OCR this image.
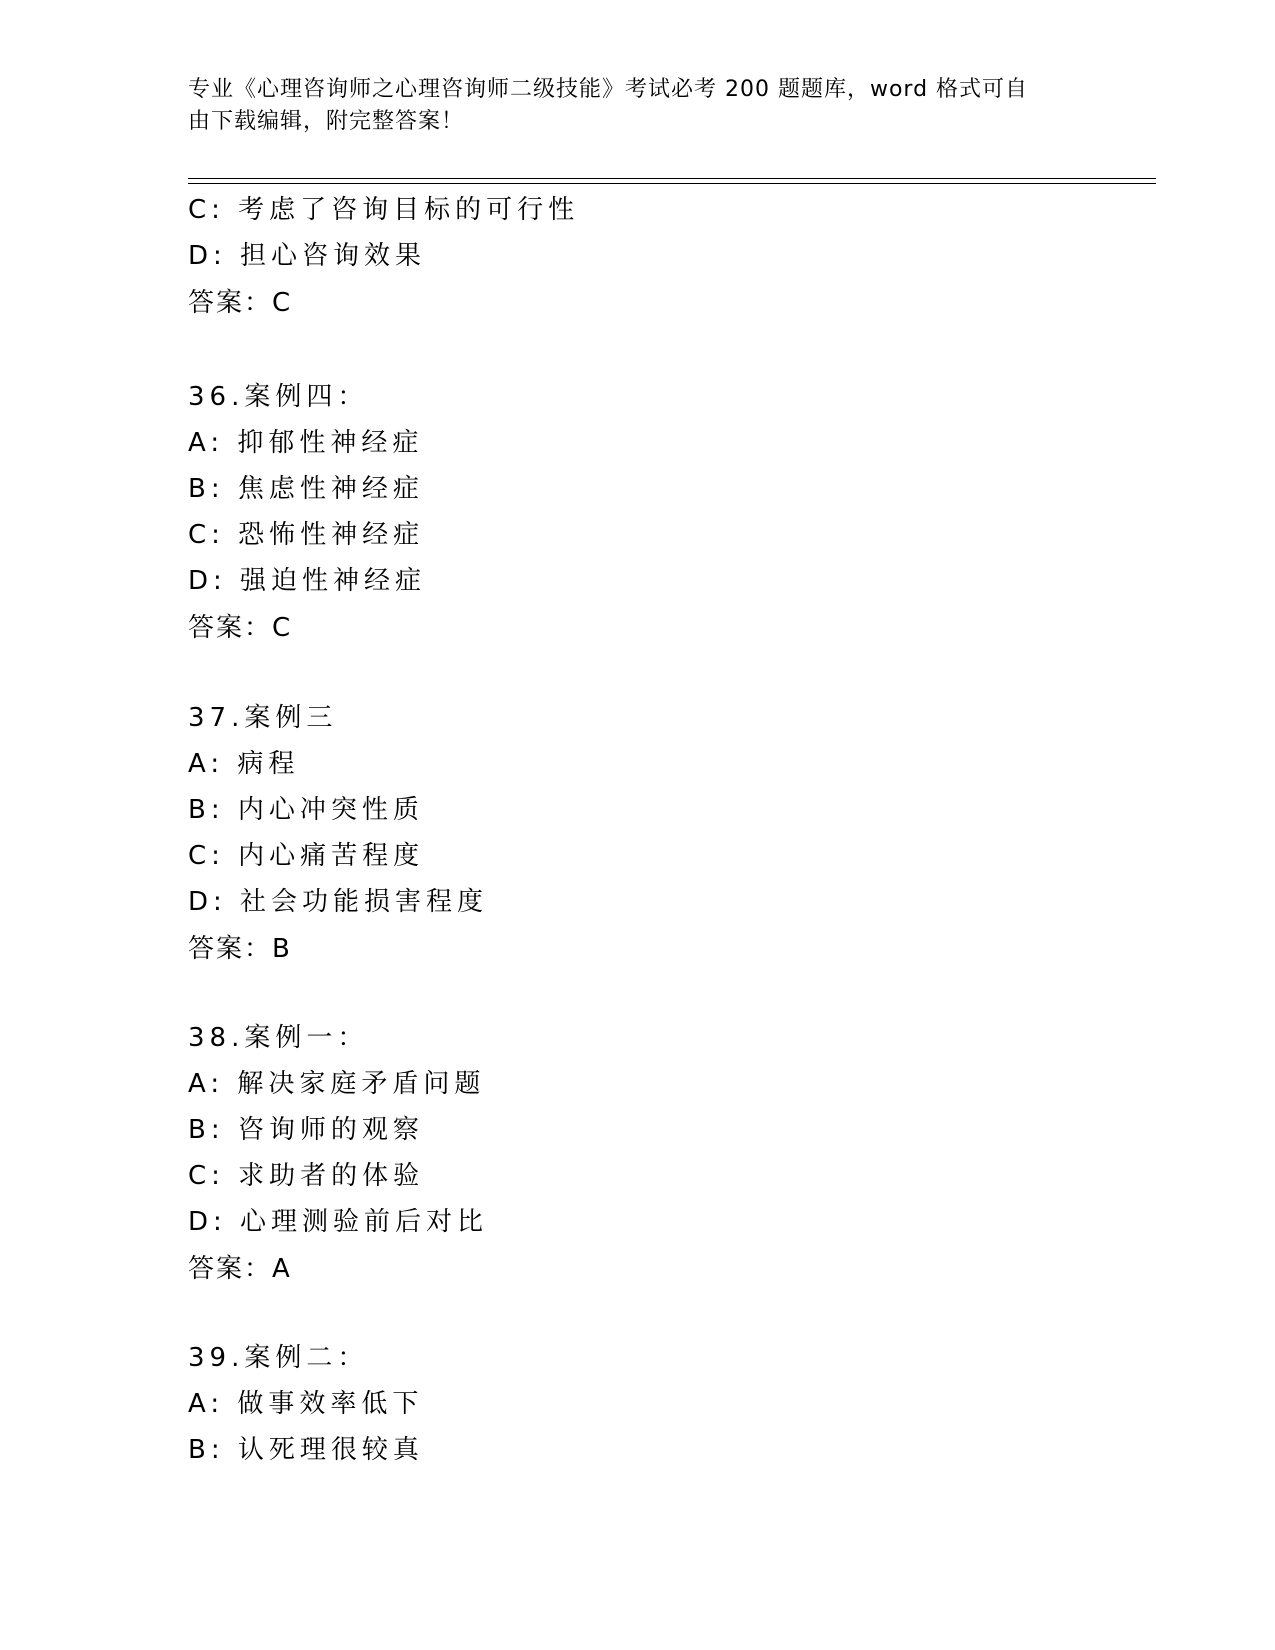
专业《心理咨询师之心理咨询师二级技能》考试必考 200 题题库，word 格式可自
由下载编辑，附完整答案！
C: 考虑了咨询目标的可行性
D: 担心咨询效果
答案：C
36.案例四：
A: 抑郁性神经症
B: 焦虑性神经症
C: 恐怖性神经症
D: 强迫性神经症
答案：C
37.案例三
A: 病程
B: 内心冲突性质
C: 内心痛苦程度
D: 社会功能损害程度
答案：B
38.案例一：
A: 解决家庭矛盾问题
B: 咨询师的观察
C: 求助者的体验
D: 心理测验前后对比
答案：A
39.案例二：
A: 做事效率低下
B: 认死理很较真
